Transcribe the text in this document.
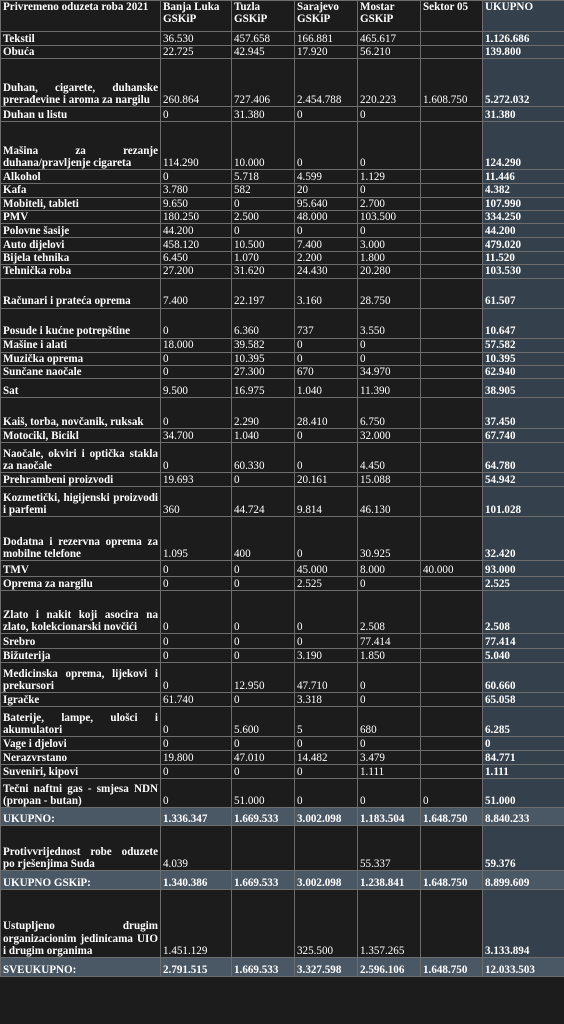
Privremeno oduzeta roba 2021	Banja Luka GSKiP	Tuzla GSKiP	Sarajevo GSKiP	Mostar GSKiP	Sektor 05	UKUPNO
Tekstil	36.530	457.658	166.881	465.617		1.126.686
Obuća	22.725	42.945	17.920	56.210		139.800
Duhan, cigarete, duhanske prerađevine i aroma za nargilu	260.864	727.406	2.454.788	220.223	1.608.750	5.272.032
Duhan u listu	0	31.380	0	0		31.380
Mašina za rezanje duhana/pravljenje cigareta	114.290	10.000	0	0		124.290
Alkohol	0	5.718	4.599	1.129		11.446
Kafa	3.780	582	20	0		4.382
Mobiteli, tableti	9.650	0	95.640	2.700		107.990
PMV	180.250	2.500	48.000	103.500		334.250
Polovne šasije	44.200	0	0	0		44.200
Auto dijelovi	458.120	10.500	7.400	3.000		479.020
Bijela tehnika	6.450	1.070	2.200	1.800		11.520
Tehnička roba	27.200	31.620	24.430	20.280		103.530
Računari i prateća oprema	7.400	22.197	3.160	28.750		61.507
Posude i kućne potrepštine	0	6.360	737	3.550		10.647
Mašine i alati	18.000	39.582	0	0		57.582
Muzička oprema	0	10.395	0	0		10.395
Sunčane naočale	0	27.300	670	34.970		62.940
Sat	9.500	16.975	1.040	11.390		38.905
Kaiš, torba, novčanik, ruksak	0	2.290	28.410	6.750		37.450
Motocikl, Bicikl	34.700	1.040	0	32.000		67.740
Naočale, okviri i optička stakla za naočale	0	60.330	0	4.450		64.780
Prehrambeni proizvodi	19.693	0	20.161	15.088		54.942
Kozmetički, higijenski proizvodi i parfemi	360	44.724	9.814	46.130		101.028
Dodatna i rezervna oprema za mobilne telefone	1.095	400	0	30.925		32.420
TMV	0	0	45.000	8.000	40.000	93.000
Oprema za nargilu	0	0	2.525	0		2.525
Zlato i nakit koji asocira na zlato, kolekcionarski novčići	0	0	0	2.508		2.508
Srebro	0	0	0	77.414		77.414
Bižuterija	0	0	3.190	1.850		5.040
Medicinska oprema, lijekovi i prekursori	0	12.950	47.710	0		60.660
Igračke	61.740	0	3.318	0		65.058
Baterije, lampe, ulošci i akumulatori	0	5.600	5	680		6.285
Vage i djelovi	0	0	0	0		0
Nerazvrstano	19.800	47.010	14.482	3.479		84.771
Suveniri, kipovi	0	0	0	1.111		1.111
Tečni naftni gas - smjesa NDN (propan - butan)	0	51.000	0	0	0	51.000
UKUPNO:	1.336.347	1.669.533	3.002.098	1.183.504	1.648.750	8.840.233
Protivvrijednost robe oduzete po rješenjima Suda	4.039			55.337		59.376
UKUPNO GSKiP:	1.340.386	1.669.533	3.002.098	1.238.841	1.648.750	8.899.609
Ustupljeno drugim organizacionim jedinicama UIO i drugim organima	1.451.129		325.500	1.357.265		3.133.894
SVEUKUPNO:	2.791.515	1.669.533	3.327.598	2.596.106	1.648.750	12.033.503
